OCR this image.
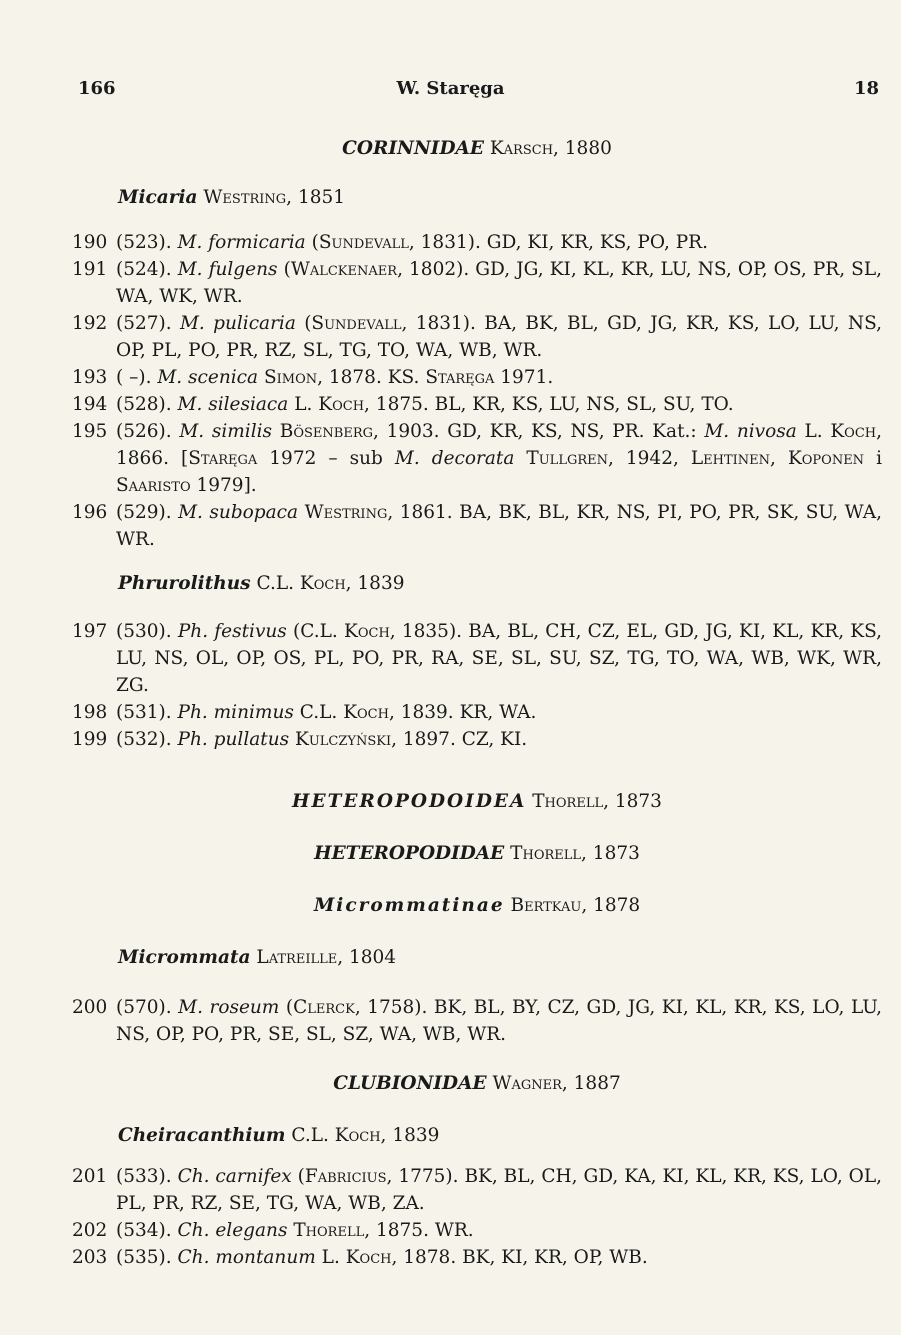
166	W. Staręga	18
CORINNIDAE Karsch, 1880
Micaria Westring, 1851

190 (523). M. formicaria (Sundevall, 1831). GD, KI, KR, KS, PO, PR.

191 (524). M. fulgens (Walckenaer, 1802). GD, JG, KI, KL, KR, LU, NS, OP, OS, PR, SL, WA, WK, WR.

192 (527). M. pulicaria (Sundevall, 1831). BA, BK, BL, GD, JG, KR, KS, LO, LU, NS, OP, PL, PO, PR, RZ, SL, TG, TO, WA, WB, WR.

193 ( –). M. scenica Simon, 1878. KS. Staręga 1971.

194 (528). M. silesiaca L. Koch, 1875. BL, KR, KS, LU, NS, SL, SU, TO.

195 (526). M. similis Bösenberg, 1903. GD, KR, KS, NS, PR. Kat.: M. nivosa L. Koch, 1866. [Staręga 1972 – sub M. decorata Tullgren, 1942, Lehtinen, Koponen i Saaristo 1979].

196 (529). M. subopaca Westring, 1861. BA, BK, BL, KR, NS, PI, PO, PR, SK, SU, WA, WR.

Phrurolithus C.L. Koch, 1839

197 (530). Ph. festivus (C.L. Koch, 1835). BA, BL, CH, CZ, EL, GD, JG, KI, KL, KR, KS, LU, NS, OL, OP, OS, PL, PO, PR, RA, SE, SL, SU, SZ, TG, TO, WA, WB, WK, WR, ZG.

198 (531). Ph. minimus C.L. Koch, 1839. KR, WA.

199 (532). Ph. pullatus Kulczyński, 1897. CZ, KI.

HETEROPODOIDEA Thorell, 1873
HETEROPODIDAE Thorell, 1873
Micrommatinae Bertkau, 1878
Micrommata Latreille, 1804

200 (570). M. roseum (Clerck, 1758). BK, BL, BY, CZ, GD, JG, KI, KL, KR, KS, LO, LU, NS, OP, PO, PR, SE, SL, SZ, WA, WB, WR.

CLUBIONIDAE Wagner, 1887
Cheiracanthium C.L. Koch, 1839

201 (533). Ch. carnifex (Fabricius, 1775). BK, BL, CH, GD, KA, KI, KL, KR, KS, LO, OL, PL, PR, RZ, SE, TG, WA, WB, ZA.

202 (534). Ch. elegans Thorell, 1875. WR.

203 (535). Ch. montanum L. Koch, 1878. BK, KI, KR, OP, WB.
